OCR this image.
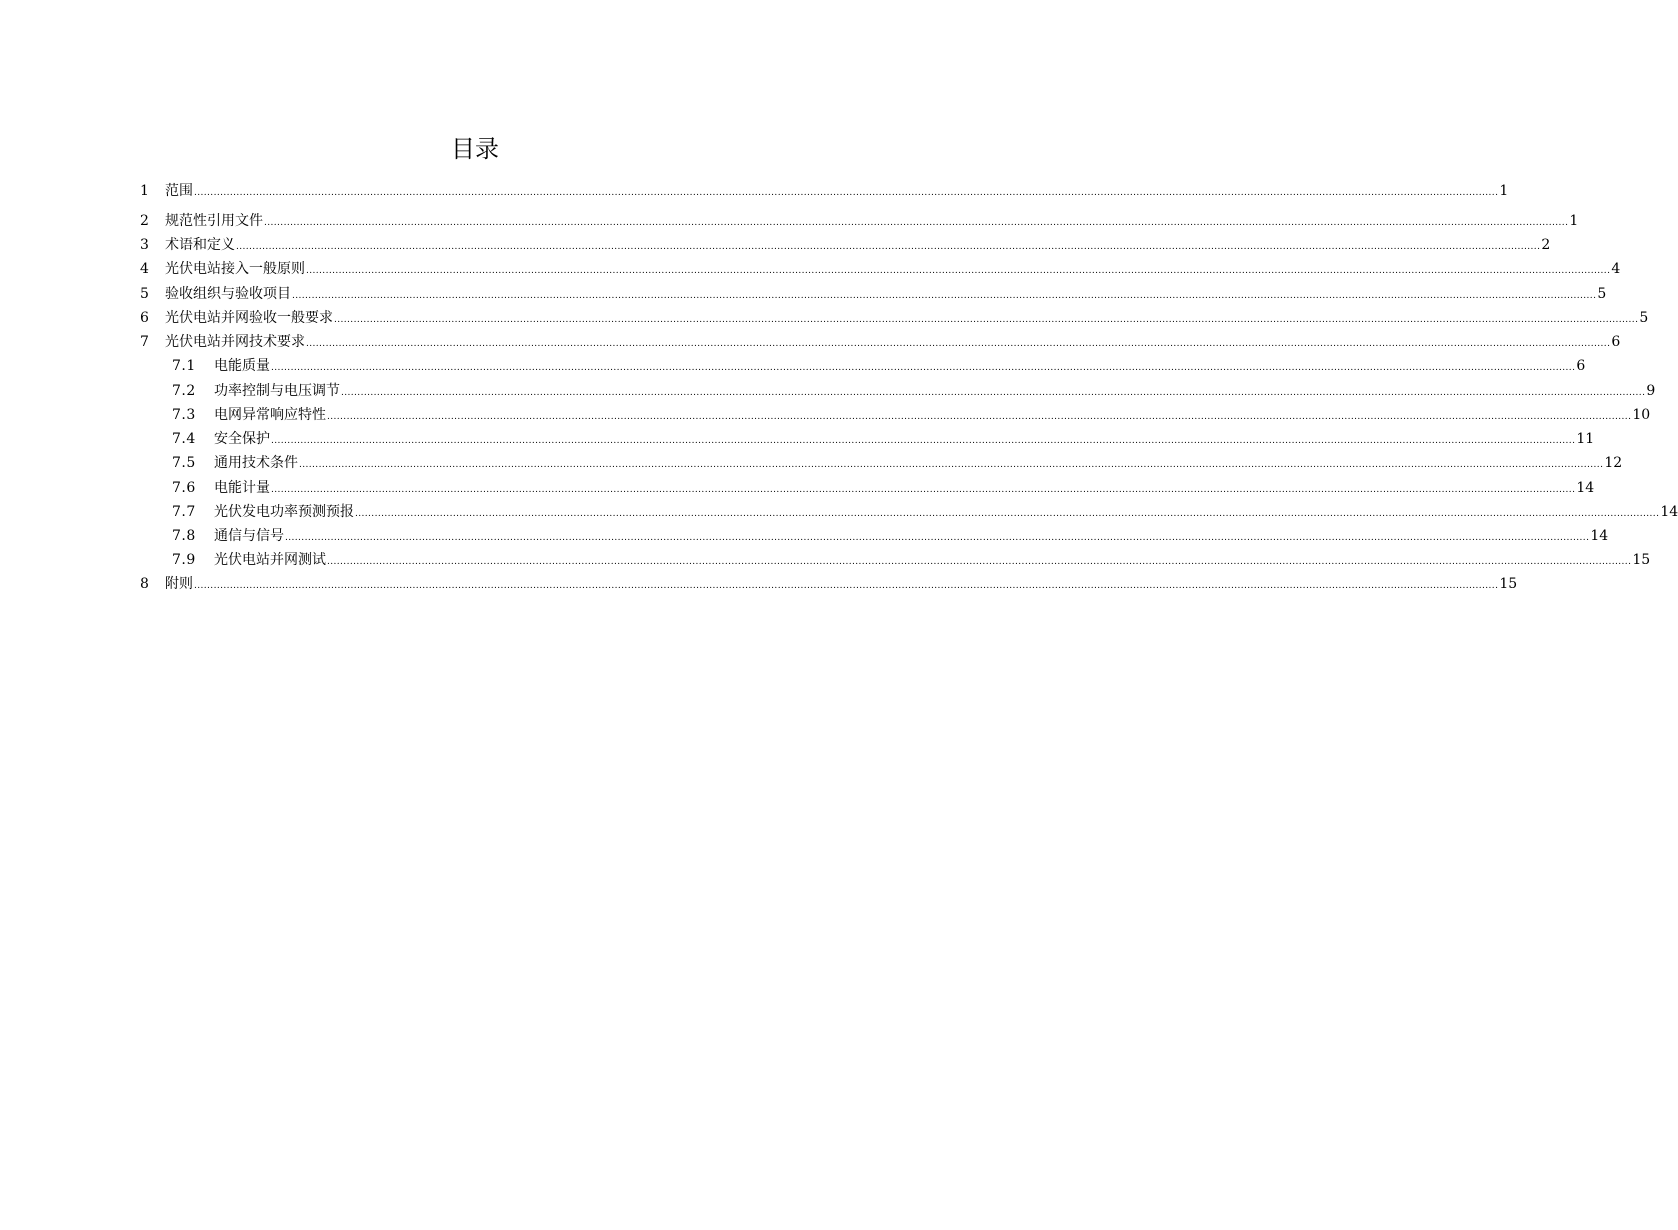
目录
1	范围 ................................................................................................................................................................................................................................................................................................................................................................................................................ 1
2	规范性引用文件 ................................................................................................................................................................................................................................................................................................................................................................................................................ 1
3	术语和定义 ................................................................................................................................................................................................................................................................................................................................................................................................................ 2
4	光伏电站接入一般原则 ................................................................................................................................................................................................................................................................................................................................................................................................................ 4
5	验收组织与验收项目 ................................................................................................................................................................................................................................................................................................................................................................................................................ 5
6	光伏电站并网验收一般要求 ................................................................................................................................................................................................................................................................................................................................................................................................................ 5
7	光伏电站并网技术要求 ................................................................................................................................................................................................................................................................................................................................................................................................................ 6
7.1	电能质量 ................................................................................................................................................................................................................................................................................................................................................................................................................ 6
7.2	功率控制与电压调节 ................................................................................................................................................................................................................................................................................................................................................................................................................ 9
7.3	电网异常响应特性 ................................................................................................................................................................................................................................................................................................................................................................................................................ 10
7.4	安全保护 ................................................................................................................................................................................................................................................................................................................................................................................................................ 11
7.5	通用技术条件 ................................................................................................................................................................................................................................................................................................................................................................................................................ 12
7.6	电能计量 ................................................................................................................................................................................................................................................................................................................................................................................................................ 14
7.7	光伏发电功率预测预报 ................................................................................................................................................................................................................................................................................................................................................................................................................ 14
7.8	通信与信号 ................................................................................................................................................................................................................................................................................................................................................................................................................ 14
7.9	光伏电站并网测试 ................................................................................................................................................................................................................................................................................................................................................................................................................ 15
8	附则 ................................................................................................................................................................................................................................................................................................................................................................................................................ 15
